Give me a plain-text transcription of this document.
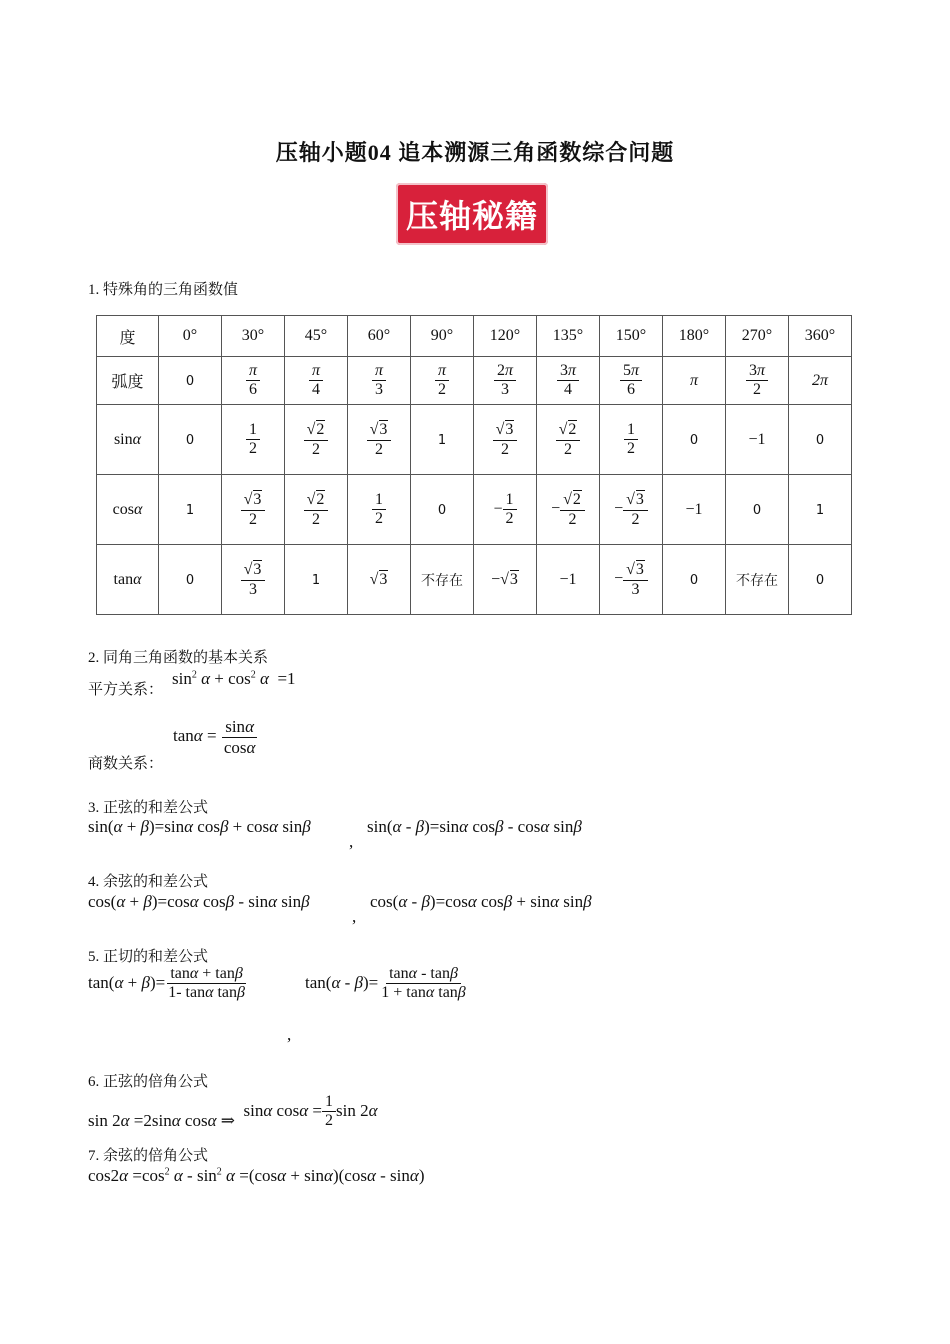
压轴小题04 追本溯源三角函数综合问题
压轴秘籍
1. 特殊角的三角函数值
度	0°	30°	45°	60°	90°	120°	135°	150°	180°	270°	360°
弧度	0	$\frac{\pi}{6}$	$\frac{\pi}{4}$	$\frac{\pi}{3}$	$\frac{\pi}{2}$	$\frac{2\pi}{3}$	$\frac{3\pi}{4}$	$\frac{5\pi}{6}$	π	$\frac{3\pi}{2}$	2π
sinα	0	$\frac{1}{2}$	$\frac{√2}{2}$	$\frac{√3}{2}$	1	$\frac{√3}{2}$	$\frac{√2}{2}$	$\frac{1}{2}$	0	−1	0
cosα	1	$\frac{√3}{2}$	$\frac{√2}{2}$	$\frac{1}{2}$	0	− $\frac{1}{2}$	− $\frac{√2}{2}$	− $\frac{√3}{2}$	−1	0	1
tanα	0	$\frac{√3}{3}$	1	√3	不存在	−√3	−1	− $\frac{√3}{3}$	0	不存在	0
2. 同角三角函数的基本关系
平方关系：
$\sin^2 \alpha + \cos^2 \alpha =1$
$\tan\alpha = \frac{\sin\alpha}{\cos\alpha}$
商数关系：
3. 正弦的和差公式
sin(α + β)=sinα cosβ + cosα sinβ
,
sin(α - β)=sinα cosβ - cosα sinβ
4. 余弦的和差公式
cos(α + β)=cosα cosβ - sinα sinβ
,
cos(α - β)=cosα cosβ + sinα sinβ
5. 正切的和差公式
$\tan(\alpha + \beta)= \frac{\tan\alpha + \tan\beta}{\text{1- tanα tanβ}}$	$\tan(\alpha - \beta)= \frac{\tan\alpha - \tan\beta}{\text{1 + tanα tanβ}}$
,
6. 正弦的倍角公式
sin 2α =2sinα cosα ⇒  sinα $\cos\alpha = \frac{1}{2}$ sin 2α
7. 余弦的倍角公式
$\cos 2\alpha =\cos^2$ $\alpha - \sin^2 \alpha =(\cos\alpha + \sin\alpha)(\cos\alpha - \sin\alpha)$
